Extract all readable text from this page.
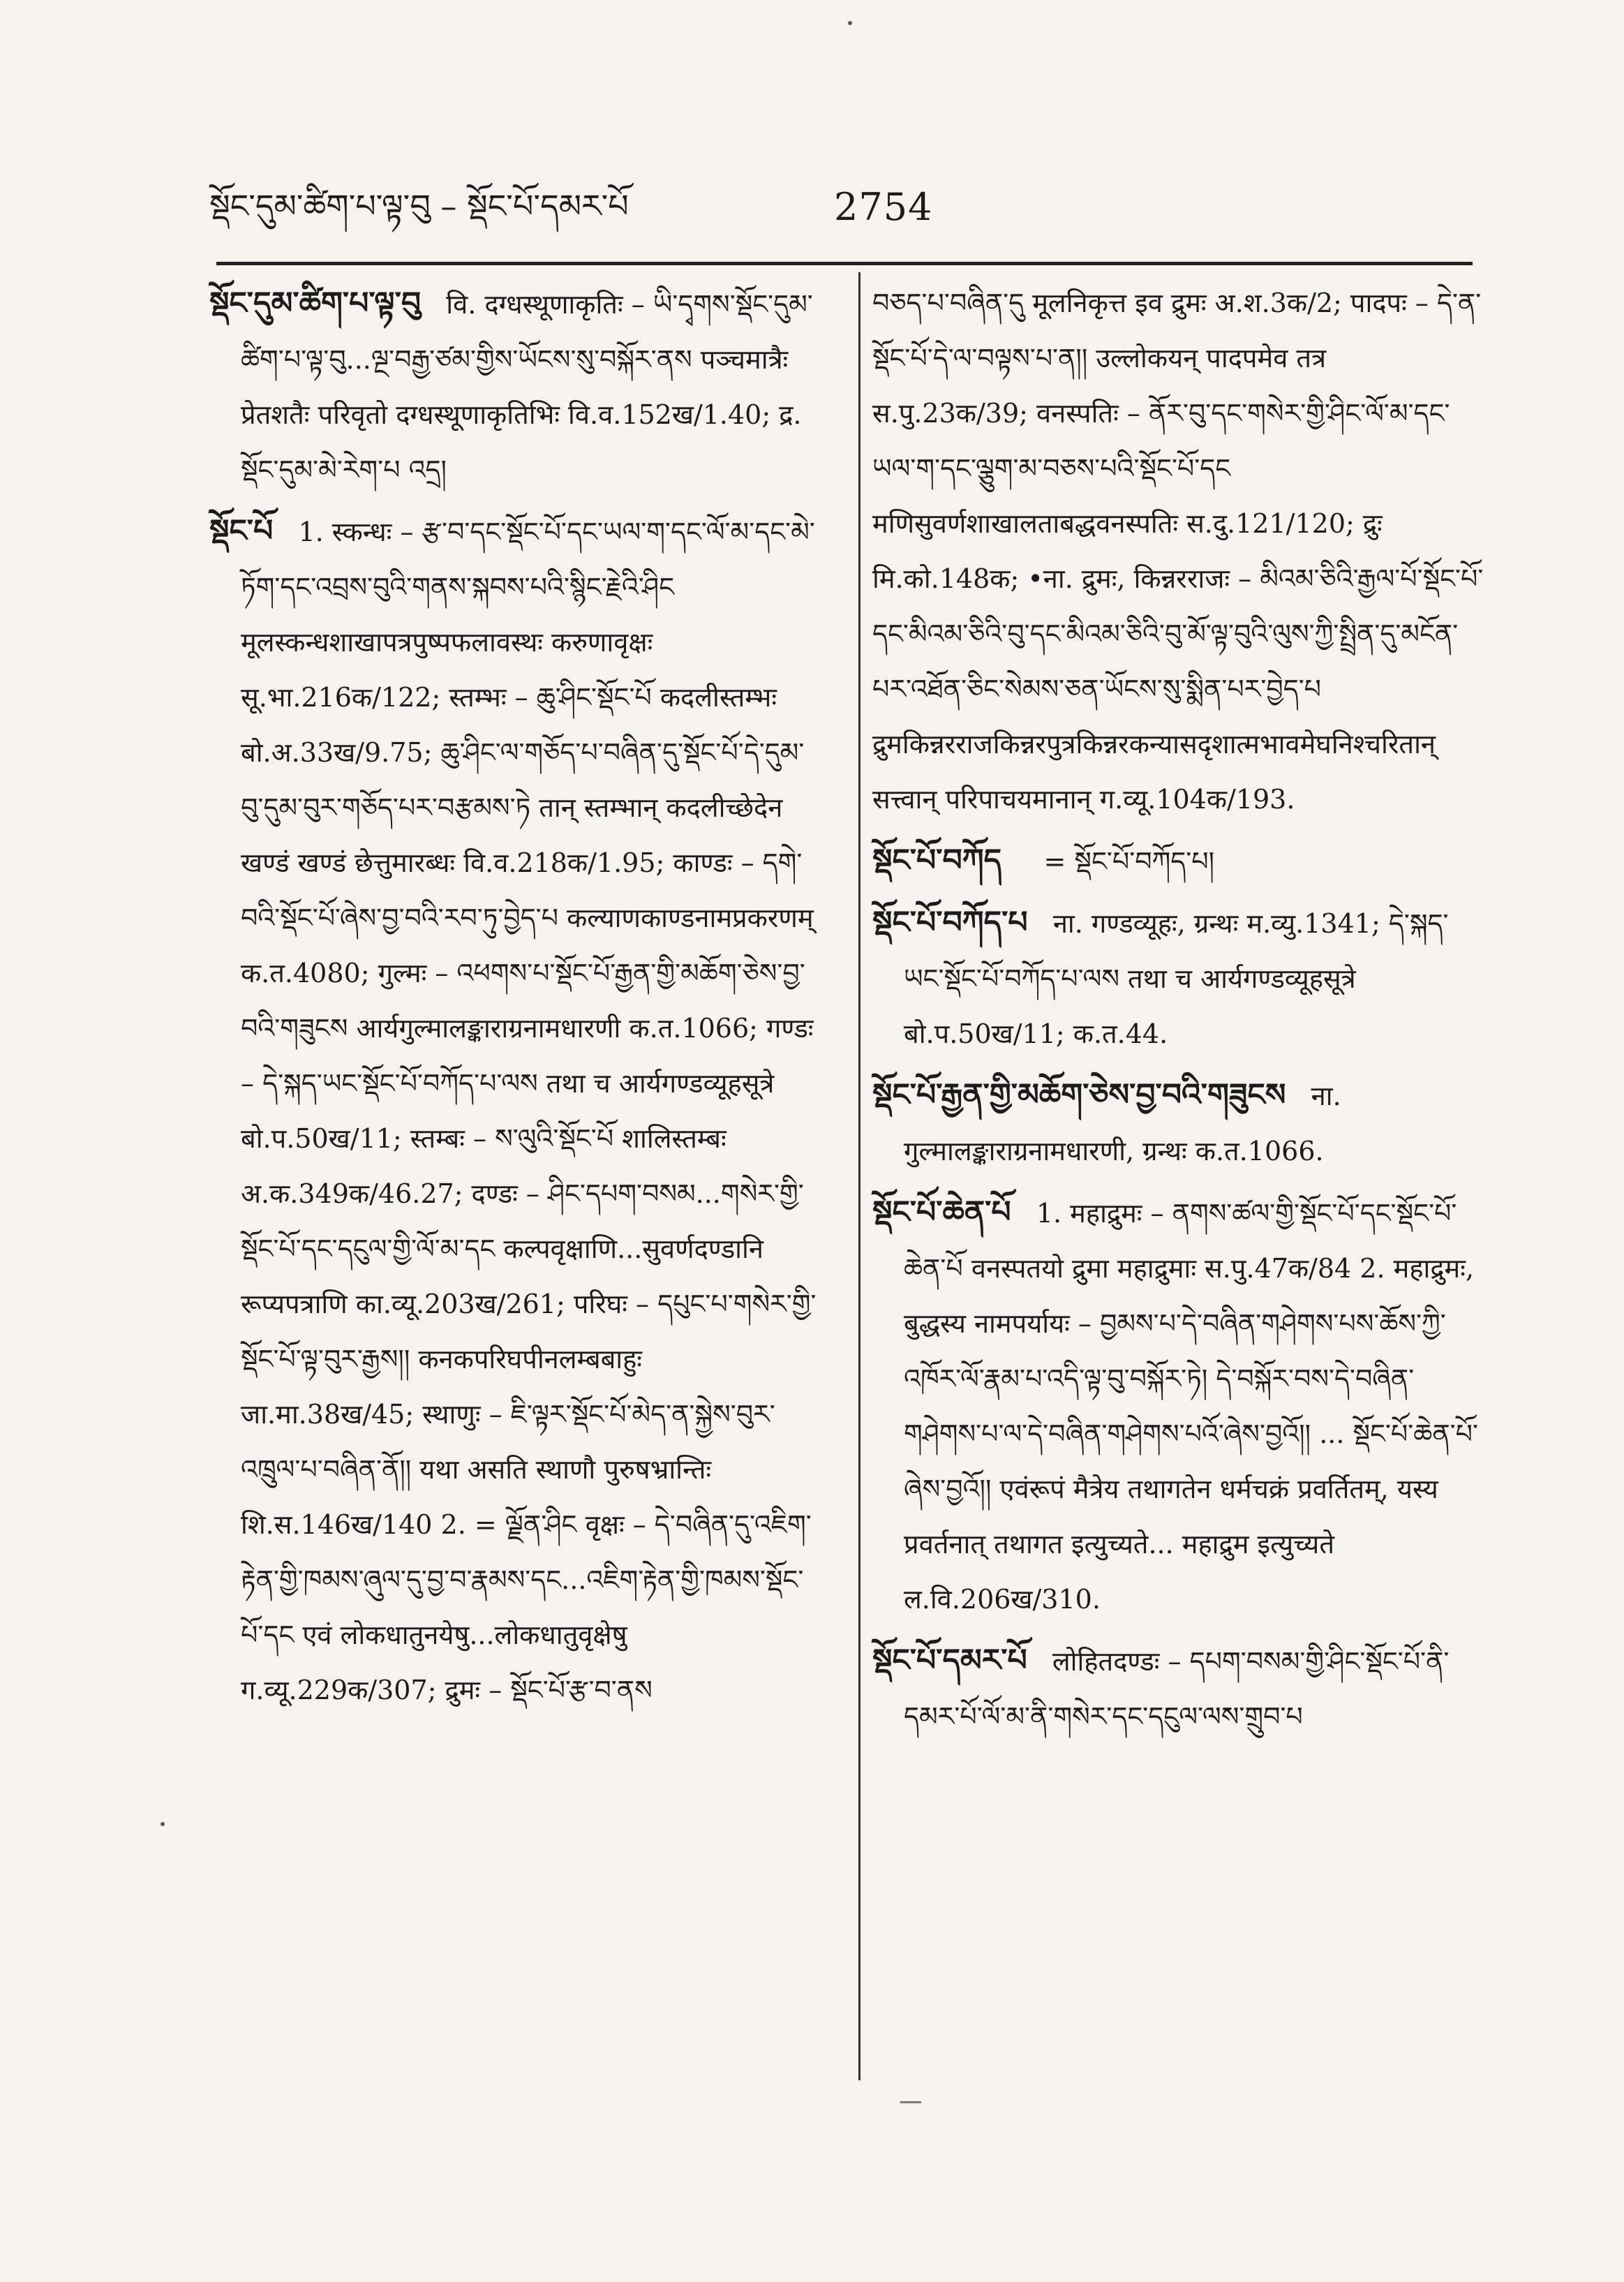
སྡོང་དུམ་ཚིག་པ་ལྟ་བུ – སྡོང་པོ་དམར་པོ	2754

སྡོང་དུམ་ཚིག་པ་ལྟ་བུ वि. दग्धस्थूणाकृतिः – ཡི་དྭགས་སྡོང་དུམ་ཚིག་པ་ལྟ་བུ...ལྔ་བརྒྱ་ཙམ་གྱིས་ཡོངས་སུ་བསྐོར་ནས पञ्चमात्रैः प्रेतशतैः परिवृतो दग्धस्थूणाकृतिभिः वि.व.152ख/1.40; द्र. སྡོང་དུམ་མེ་རེག་པ འདྲ།

སྡོང་པོ 1. स्कन्धः – རྩ་བ་དང་སྡོང་པོ་དང་ཡལ་ག་དང་ལོ་མ་དང་མེ་ཏོག་དང་འབྲས་བུའི་གནས་སྐབས་པའི་སྙིང་རྗེའི་ཤིང मूलस्कन्धशाखापत्रपुष्पफलावस्थः करुणावृक्षः सू.भा.216क/122; स्तम्भः – ཆུ་ཤིང་སྡོང་པོ कदलीस्तम्भः बो.अ.33ख/9.75; ཆུ་ཤིང་ལ་གཅོད་པ་བཞིན་དུ་སྡོང་པོ་དེ་དུམ་བུ་དུམ་བུར་གཅོད་པར་བརྩམས་ཏེ तान् स्तम्भान् कदलीच्छेदेन खण्डं खण्डं छेत्तुमारब्धः वि.व.218क/1.95; काण्डः – དགེ་བའི་སྡོང་པོ་ཞེས་བྱ་བའི་རབ་ཏུ་བྱེད་པ कल्याणकाण्डनामप्रकरणम् क.त.4080; गुल्मः – འཕགས་པ་སྡོང་པོ་རྒྱན་གྱི་མཆོག་ཅེས་བྱ་བའི་གཟུངས आर्यगुल्मालङ्काराग्रनामधारणी क.त.1066; गण्डः – དེ་སྐད་ཡང་སྡོང་པོ་བཀོད་པ་ལས तथा च आर्यगण्डव्यूहसूत्रे बो.प.50ख/11; स्तम्बः – ས་ལུའི་སྡོང་པོ शालिस्तम्बः अ.क.349क/46.27; दण्डः – ཤིང་དཔག་བསམ...གསེར་གྱི་སྡོང་པོ་དང་དངུལ་གྱི་ལོ་མ་དང कल्पवृक्षाणि...सुवर्णदण्डानि रूप्यपत्राणि का.व्यू.203ख/261; परिघः – དཔུང་པ་གསེར་གྱི་སྡོང་པོ་ལྟ་བུར་རྒྱས།། कनकपरिघपीनलम्बबाहुः जा.मा.38ख/45; स्थाणुः – ཇི་ལྟར་སྡོང་པོ་མེད་ན་སྐྱེས་བུར་འཁྲུལ་པ་བཞིན་ནོ།། यथा असति स्थाणौ पुरुषभ्रान्तिः शि.स.146ख/140 2. = ལྗོན་ཤིང वृक्षः – དེ་བཞིན་དུ་འཇིག་རྟེན་གྱི་ཁམས་ཞུལ་དུ་བྱ་བ་རྣམས་དང...འཇིག་རྟེན་གྱི་ཁམས་སྡོང་པོ་དང एवं लोकधातुनयेषु...लोकधातुवृक्षेषु ग.व्यू.229क/307; द्रुमः – སྡོང་པོ་རྩ་བ་ནས

བཅད་པ་བཞིན་དུ मूलनिकृत्त इव द्रुमः अ.श.3क/2; पादपः – དེ་ན་སྡོང་པོ་དེ་ལ་བལྟས་པ་ན།། उल्लोकयन् पादपमेव तत्र स.पु.23क/39; वनस्पतिः – ནོར་བུ་དང་གསེར་གྱི་ཤིང་ལོ་མ་དང་ཡལ་ག་དང་ལྕུག་མ་བཅས་པའི་སྡོང་པོ་དང मणिसुवर्णशाखालताबद्धवनस्पतिः स.दु.121/120; द्रुः मि.को.148क; •ना. द्रुमः, किन्नरराजः – མིའམ་ཅིའི་རྒྱལ་པོ་སྡོང་པོ་དང་མིའམ་ཅིའི་བུ་དང་མིའམ་ཅིའི་བུ་མོ་ལྟ་བུའི་ལུས་ཀྱི་སྤྲིན་དུ་མངོན་པར་འཐོན་ཅིང་སེམས་ཅན་ཡོངས་སུ་སྨིན་པར་བྱེད་པ द्रुमकिन्नरराजकिन्नरपुत्रकिन्नरकन्यासदृशात्मभावमेघनिश्चरितान् सत्त्वान् परिपाचयमानान् ग.व्यू.104क/193.

སྡོང་པོ་བཀོད = སྡོང་པོ་བཀོད་པ།

སྡོང་པོ་བཀོད་པ ना. गण्डव्यूहः, ग्रन्थः म.व्यु.1341; དེ་སྐད་ཡང་སྡོང་པོ་བཀོད་པ་ལས तथा च आर्यगण्डव्यूहसूत्रे बो.प.50ख/11; क.त.44.

སྡོང་པོ་རྒྱན་གྱི་མཆོག་ཅེས་བྱ་བའི་གཟུངས ना. गुल्मालङ्काराग्रनामधारणी, ग्रन्थः क.त.1066.

སྡོང་པོ་ཆེན་པོ 1. महाद्रुमः – ནགས་ཚལ་གྱི་སྡོང་པོ་དང་སྡོང་པོ་ཆེན་པོ वनस्पतयो द्रुमा महाद्रुमाः स.पु.47क/84 2. महाद्रुमः, बुद्धस्य नामपर्यायः – བྱམས་པ་དེ་བཞིན་གཤེགས་པས་ཆོས་ཀྱི་འཁོར་ལོ་རྣམ་པ་འདི་ལྟ་བུ་བསྐོར་ཏེ། དེ་བསྐོར་བས་དེ་བཞིན་གཤེགས་པ་ལ་དེ་བཞིན་གཤེགས་པའོ་ཞེས་བྱའོ།། ... སྡོང་པོ་ཆེན་པོ་ཞེས་བྱའོ།། एवंरूपं मैत्रेय तथागतेन धर्मचक्रं प्रवर्तितम्, यस्य प्रवर्तनात् तथागत इत्युच्यते... महाद्रुम इत्युच्यते ल.वि.206ख/310.

སྡོང་པོ་དམར་པོ लोहितदण्डः – དཔག་བསམ་གྱི་ཤིང་སྡོང་པོ་ནི་དམར་པོ་ལོ་མ་ནི་གསེར་དང་དངུལ་ལས་གྲུབ་པ
